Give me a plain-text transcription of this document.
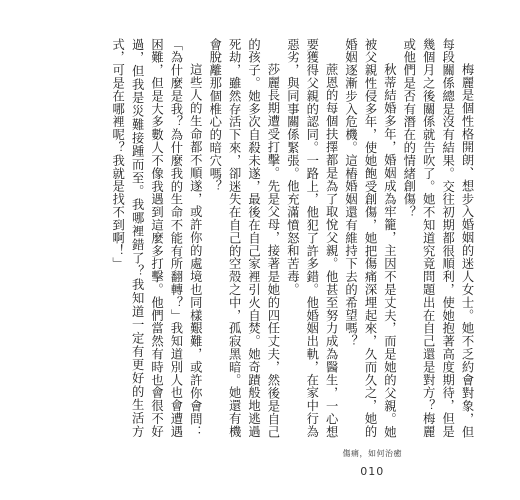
梅麗是個性格開朗、想步入婚姻的迷人女士。她不乏約會對象，但每段關係總是沒有結果。交往初期都很順利，使她抱著高度期待，但是幾個月之後關係就告吹了。她不知道究竟問題出在自己還是對方？梅麗或他們是否有潛在的情緒創傷？

秋蒂結婚多年，婚姻成為牢籠，主因不是丈夫，而是她的父親。她被父親性侵多年，使她飽受創傷，她把傷痛深埋起來，久而久之，她的婚姻逐漸步入危機。這樁婚姻還有維持下去的希望嗎？

蔗恩的每個扶擇都是為了取悅父親。他甚至努力成為醫生，一心想要獲得父親的認同。一路上，他犯了許多錯。他婚姻出軌，在家中行為惡劣，與同事關係緊張。他充滿憤怒和苦毒。

莎麗長期遭受打擊。先是父母，接著是她的四任丈夫，然後是自己的孩子。她多次自殺未遂，最後在自己家裡引火自焚。她奇蹟般地逃過死劫，雖然存活下來，卻迷失在自己的空殼之中，孤寂黑暗。她還有機會脫離那個椎心的暗穴嗎？

這些人的生命都不順遂，或許你的處境也同樣艱難，或許你會問：「為什麼是我？為什麼我的生命不能有所翻轉？」我知道別人也會遭遇困難，但是大多數人不像我遇到這麼多打擊。他們當然有時也會很不好過，但我是災難接踵而至。我哪裡錯了？我知道一定有更好的生活方式，可是在哪裡呢？我就是找不到啊！」

傷痛，如何治癒
010
